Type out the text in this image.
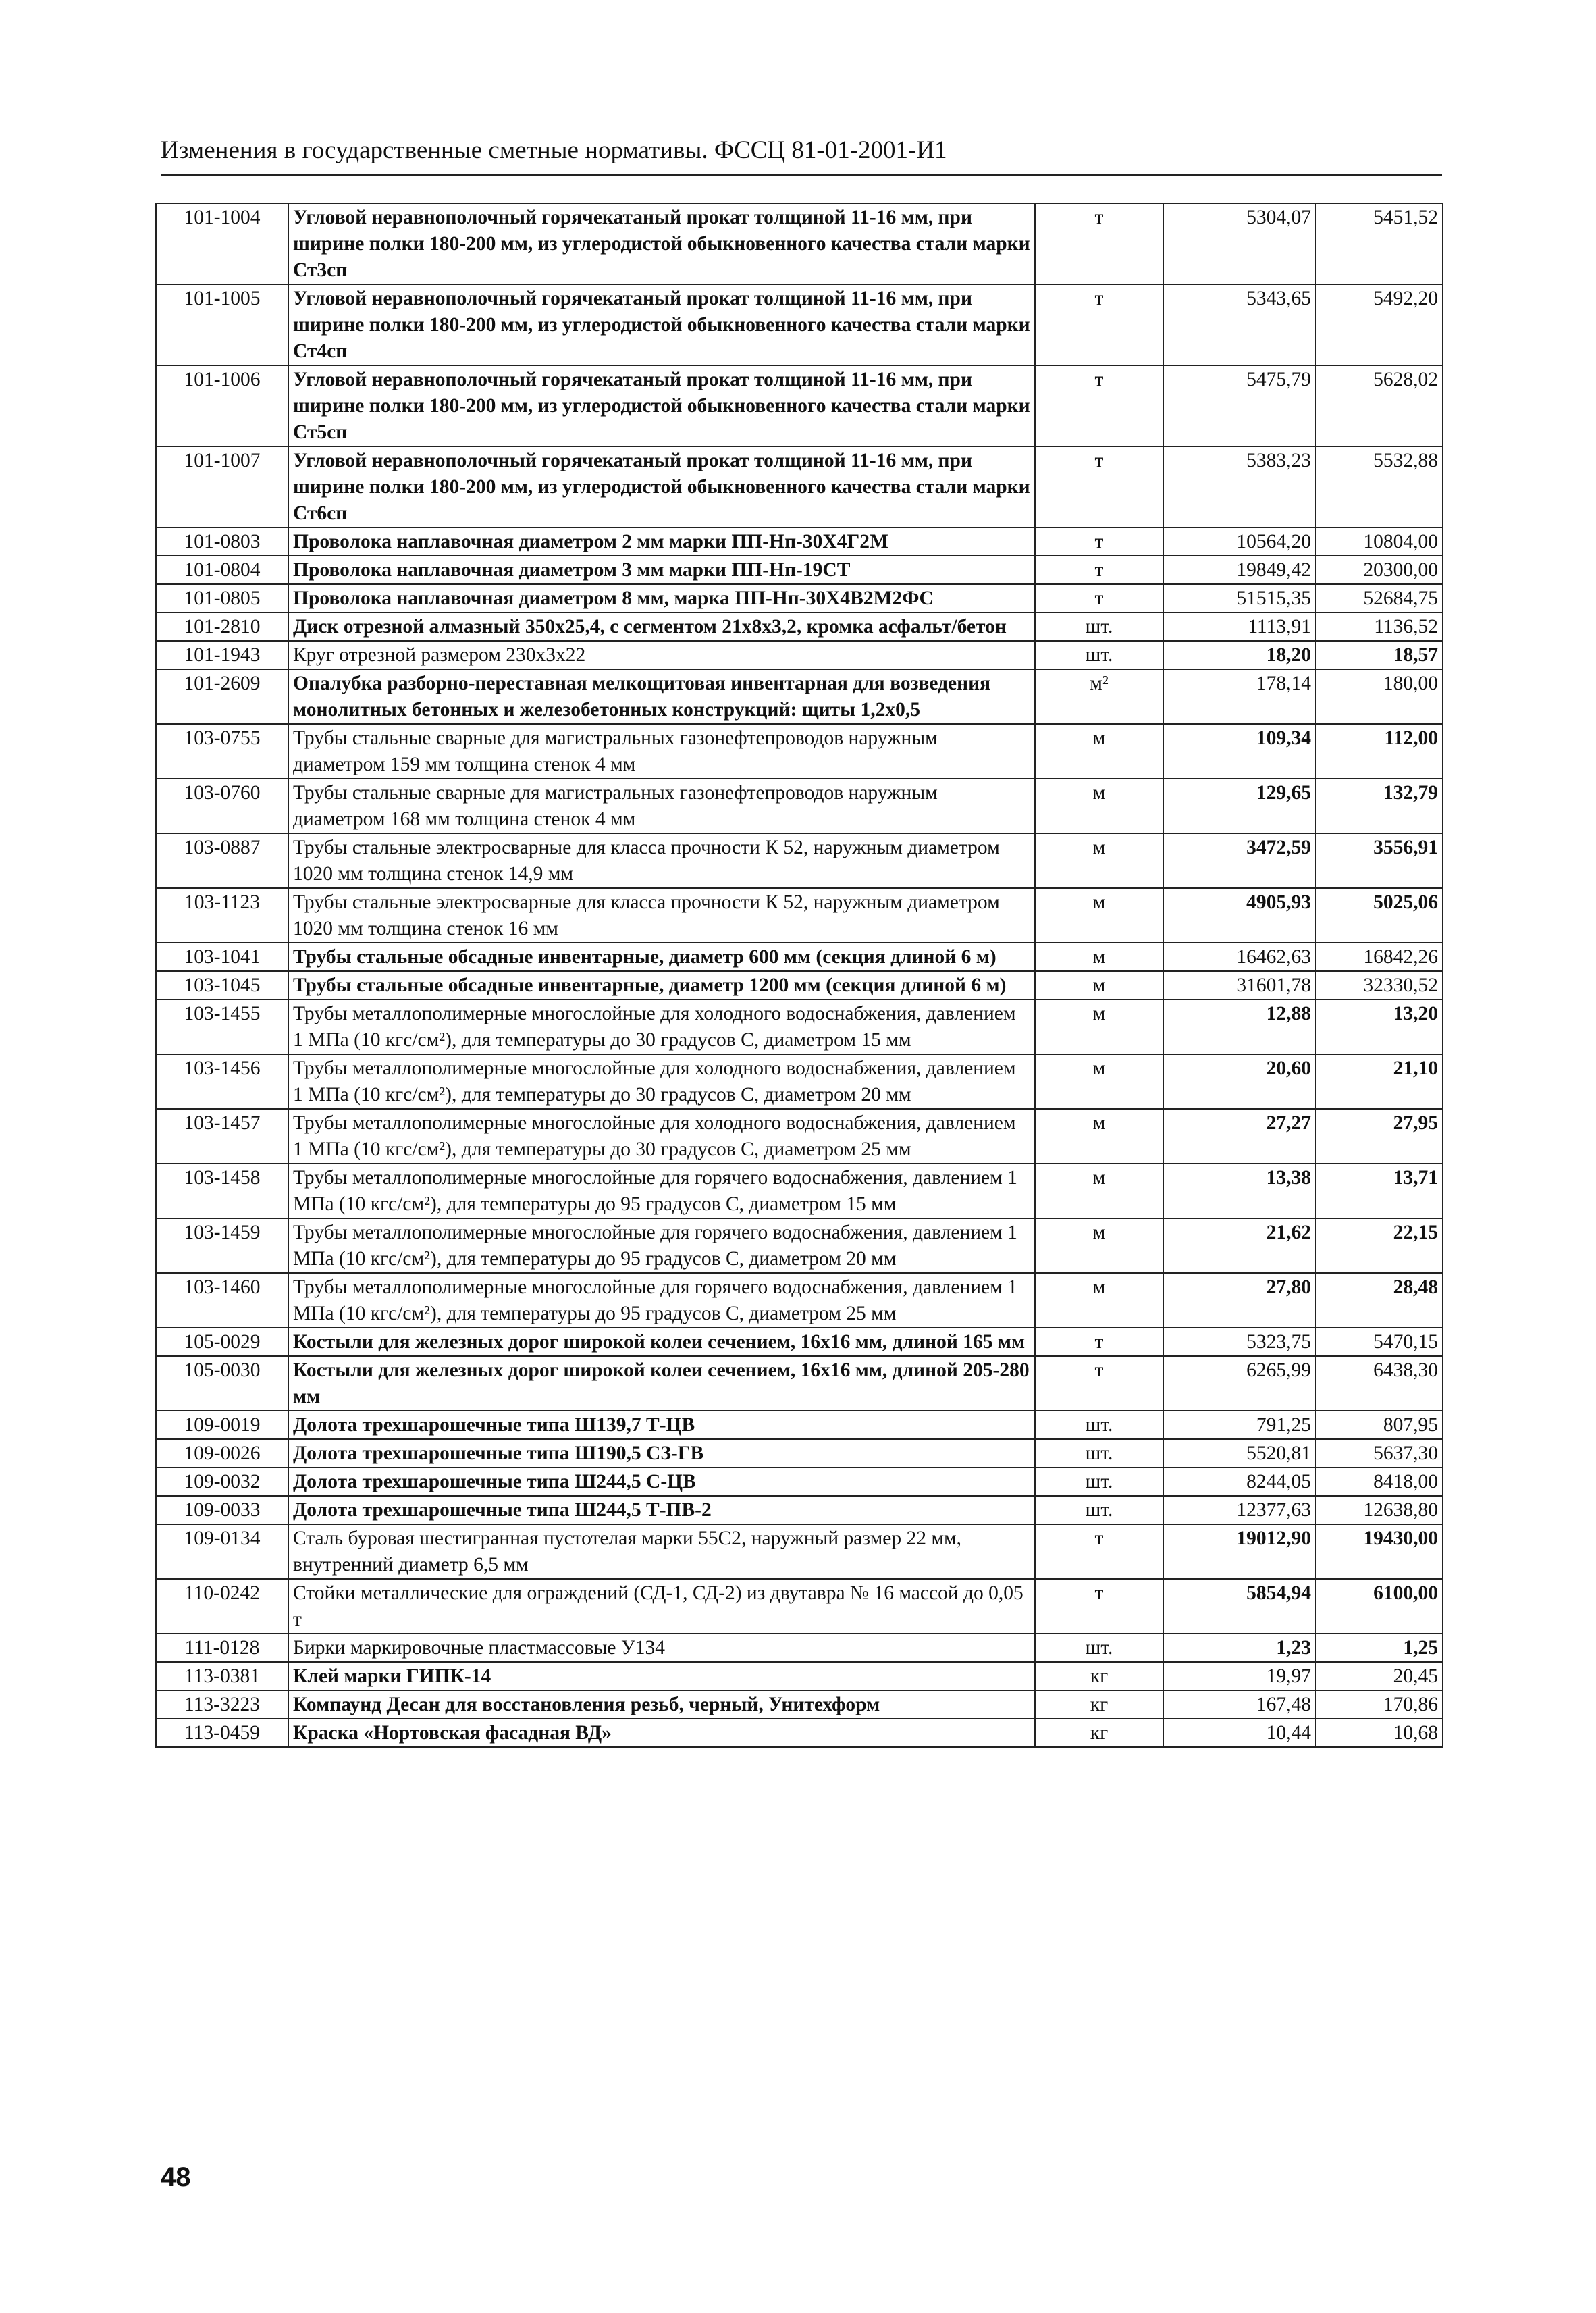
Изменения в государственные сметные нормативы. ФССЦ 81-01-2001-И1
101-1004	Угловой неравнополочный горячекатаный прокат толщиной 11-16 мм, при ширине полки 180-200 мм, из углеродистой обыкновенного качества стали марки Ст3сп	т	5304,07	5451,52
101-1005	Угловой неравнополочный горячекатаный прокат толщиной 11-16 мм, при ширине полки 180-200 мм, из углеродистой обыкновенного качества стали марки Ст4сп	т	5343,65	5492,20
101-1006	Угловой неравнополочный горячекатаный прокат толщиной 11-16 мм, при ширине полки 180-200 мм, из углеродистой обыкновенного качества стали марки Ст5сп	т	5475,79	5628,02
101-1007	Угловой неравнополочный горячекатаный прокат толщиной 11-16 мм, при ширине полки 180-200 мм, из углеродистой обыкновенного качества стали марки Ст6сп	т	5383,23	5532,88
101-0803	Проволока наплавочная диаметром 2 мм марки ПП-Нп-30Х4Г2М	т	10564,20	10804,00
101-0804	Проволока наплавочная диаметром 3 мм марки ПП-Нп-19СТ	т	19849,42	20300,00
101-0805	Проволока наплавочная диаметром 8 мм, марка ПП-Нп-30Х4В2М2ФС	т	51515,35	52684,75
101-2810	Диск отрезной алмазный 350х25,4, с сегментом 21х8х3,2, кромка асфальт/бетон	шт.	1113,91	1136,52
101-1943	Круг отрезной размером 230х3х22	шт.	18,20	18,57
101-2609	Опалубка разборно-переставная мелкощитовая инвентарная для возведения монолитных бетонных и железобетонных конструкций: щиты 1,2х0,5	м²	178,14	180,00
103-0755	Трубы стальные сварные для магистральных газонефтепроводов наружным диаметром 159 мм толщина стенок 4 мм	м	109,34	112,00
103-0760	Трубы стальные сварные для магистральных газонефтепроводов наружным диаметром 168 мм толщина стенок 4 мм	м	129,65	132,79
103-0887	Трубы стальные электросварные для класса прочности К 52, наружным диаметром 1020 мм толщина стенок 14,9 мм	м	3472,59	3556,91
103-1123	Трубы стальные электросварные для класса прочности К 52, наружным диаметром 1020 мм толщина стенок 16 мм	м	4905,93	5025,06
103-1041	Трубы стальные обсадные инвентарные, диаметр 600 мм (секция длиной 6 м)	м	16462,63	16842,26
103-1045	Трубы стальные обсадные инвентарные, диаметр 1200 мм (секция длиной 6 м)	м	31601,78	32330,52
103-1455	Трубы металлополимерные многослойные для холодного водоснабжения, давлением 1 МПа (10 кгс/см²), для температуры до 30 градусов С, диаметром 15 мм	м	12,88	13,20
103-1456	Трубы металлополимерные многослойные для холодного водоснабжения, давлением 1 МПа (10 кгс/см²), для температуры до 30 градусов С, диаметром 20 мм	м	20,60	21,10
103-1457	Трубы металлополимерные многослойные для холодного водоснабжения, давлением 1 МПа (10 кгс/см²), для температуры до 30 градусов С, диаметром 25 мм	м	27,27	27,95
103-1458	Трубы металлополимерные многослойные для горячего водоснабжения, давлением 1 МПа (10 кгс/см²), для температуры до 95 градусов С, диаметром 15 мм	м	13,38	13,71
103-1459	Трубы металлополимерные многослойные для горячего водоснабжения, давлением 1 МПа (10 кгс/см²), для температуры до 95 градусов С, диаметром 20 мм	м	21,62	22,15
103-1460	Трубы металлополимерные многослойные для горячего водоснабжения, давлением 1 МПа (10 кгс/см²), для температуры до 95 градусов С, диаметром 25 мм	м	27,80	28,48
105-0029	Костыли для железных дорог широкой колеи сечением, 16х16 мм, длиной 165 мм	т	5323,75	5470,15
105-0030	Костыли для железных дорог широкой колеи сечением, 16х16 мм, длиной 205-280 мм	т	6265,99	6438,30
109-0019	Долота трехшарошечные типа Ш139,7 Т-ЦВ	шт.	791,25	807,95
109-0026	Долота трехшарошечные типа Ш190,5 СЗ-ГВ	шт.	5520,81	5637,30
109-0032	Долота трехшарошечные типа Ш244,5 С-ЦВ	шт.	8244,05	8418,00
109-0033	Долота трехшарошечные типа Ш244,5 Т-ПВ-2	шт.	12377,63	12638,80
109-0134	Сталь буровая шестигранная пустотелая марки 55С2, наружный размер 22 мм, внутренний диаметр 6,5 мм	т	19012,90	19430,00
110-0242	Стойки металлические для ограждений (СД-1, СД-2) из двутавра № 16 массой до 0,05 т	т	5854,94	6100,00
111-0128	Бирки маркировочные пластмассовые У134	шт.	1,23	1,25
113-0381	Клей марки ГИПК-14	кг	19,97	20,45
113-3223	Компаунд Десан для восстановления резьб, черный, Унитехформ	кг	167,48	170,86
113-0459	Краска «Нортовская фасадная ВД»	кг	10,44	10,68
48
